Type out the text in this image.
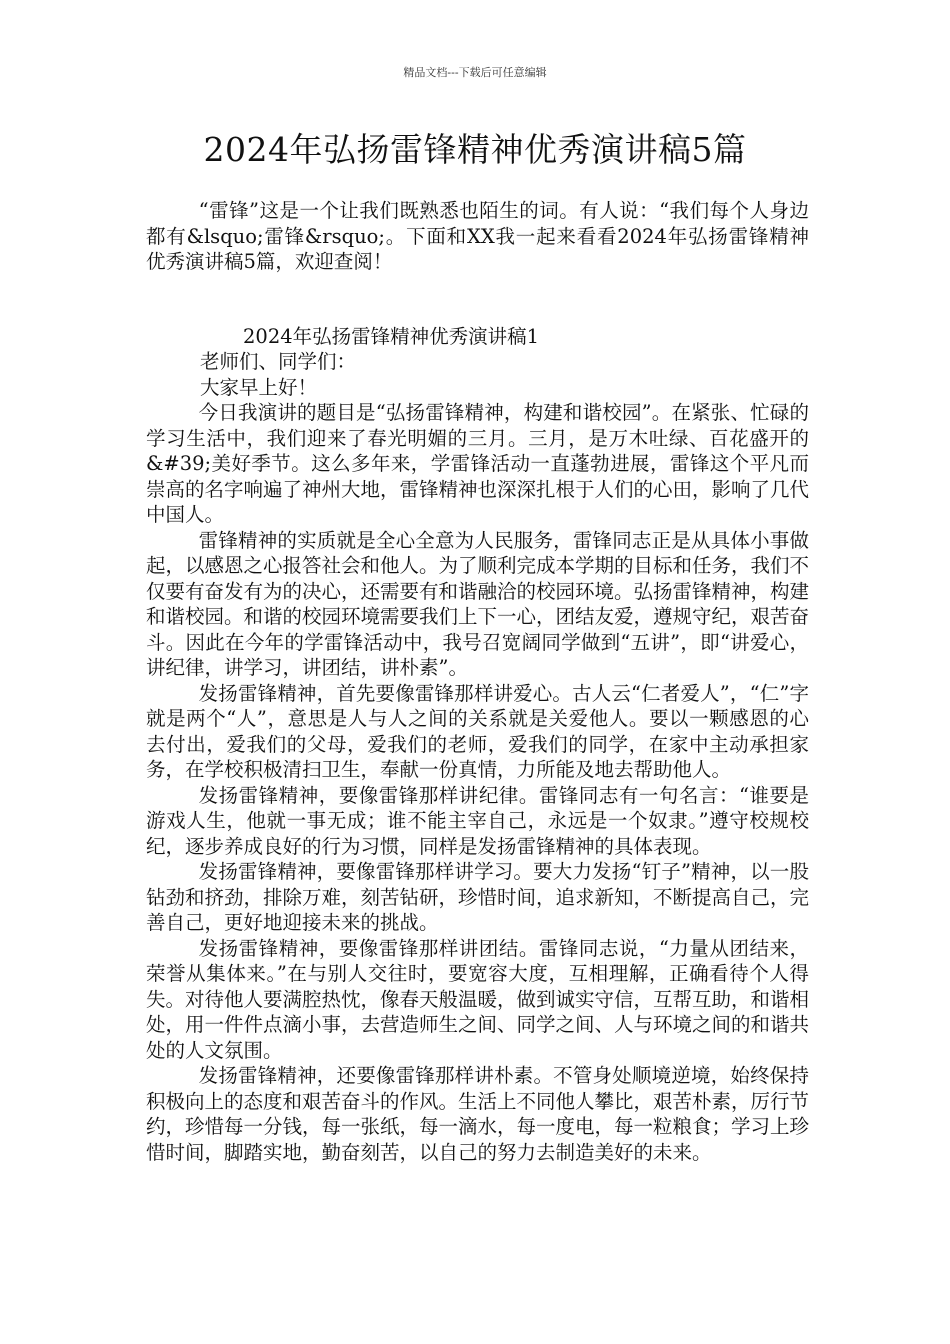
精品文档---下载后可任意编辑
2024年弘扬雷锋精神优秀演讲稿5篇

“雷锋”这是一个让我们既熟悉也陌生的词。有人说：“我们每个人身边都有&lsquo;雷锋&rsquo;。下面和XX我一起来看看2024年弘扬雷锋精神优秀演讲稿5篇，欢迎查阅！

2024年弘扬雷锋精神优秀演讲稿1

老师们、同学们：

大家早上好！

今日我演讲的题目是“弘扬雷锋精神，构建和谐校园”。在紧张、忙碌的学习生活中，我们迎来了春光明媚的三月。三月，是万木吐绿、百花盛开的&#39;美好季节。这么多年来，学雷锋活动一直蓬勃进展，雷锋这个平凡而崇高的名字响遍了神州大地，雷锋精神也深深扎根于人们的心田，影响了几代中国人。

雷锋精神的实质就是全心全意为人民服务，雷锋同志正是从具体小事做起，以感恩之心报答社会和他人。为了顺利完成本学期的目标和任务，我们不仅要有奋发有为的决心，还需要有和谐融洽的校园环境。弘扬雷锋精神，构建和谐校园。和谐的校园环境需要我们上下一心，团结友爱，遵规守纪，艰苦奋斗。因此在今年的学雷锋活动中，我号召宽阔同学做到“五讲”，即“讲爱心，讲纪律，讲学习，讲团结，讲朴素”。

发扬雷锋精神，首先要像雷锋那样讲爱心。古人云“仁者爱人”，“仁”字就是两个“人”，意思是人与人之间的关系就是关爱他人。要以一颗感恩的心去付出，爱我们的父母，爱我们的老师，爱我们的同学，在家中主动承担家务，在学校积极清扫卫生，奉献一份真情，力所能及地去帮助他人。

发扬雷锋精神，要像雷锋那样讲纪律。雷锋同志有一句名言：“谁要是游戏人生，他就一事无成；谁不能主宰自己，永远是一个奴隶。”遵守校规校纪，逐步养成良好的行为习惯，同样是发扬雷锋精神的具体表现。

发扬雷锋精神，要像雷锋那样讲学习。要大力发扬“钉子”精神，以一股钻劲和挤劲，排除万难，刻苦钻研，珍惜时间，追求新知，不断提高自己，完善自己，更好地迎接未来的挑战。

发扬雷锋精神，要像雷锋那样讲团结。雷锋同志说，“力量从团结来，荣誉从集体来。”在与别人交往时，要宽容大度，互相理解，正确看待个人得失。对待他人要满腔热忱，像春天般温暖，做到诚实守信，互帮互助，和谐相处，用一件件点滴小事，去营造师生之间、同学之间、人与环境之间的和谐共处的人文氛围。

发扬雷锋精神，还要像雷锋那样讲朴素。不管身处顺境逆境，始终保持积极向上的态度和艰苦奋斗的作风。生活上不同他人攀比，艰苦朴素，厉行节约，珍惜每一分钱，每一张纸，每一滴水，每一度电，每一粒粮食；学习上珍惜时间，脚踏实地，勤奋刻苦，以自己的努力去制造美好的未来。
